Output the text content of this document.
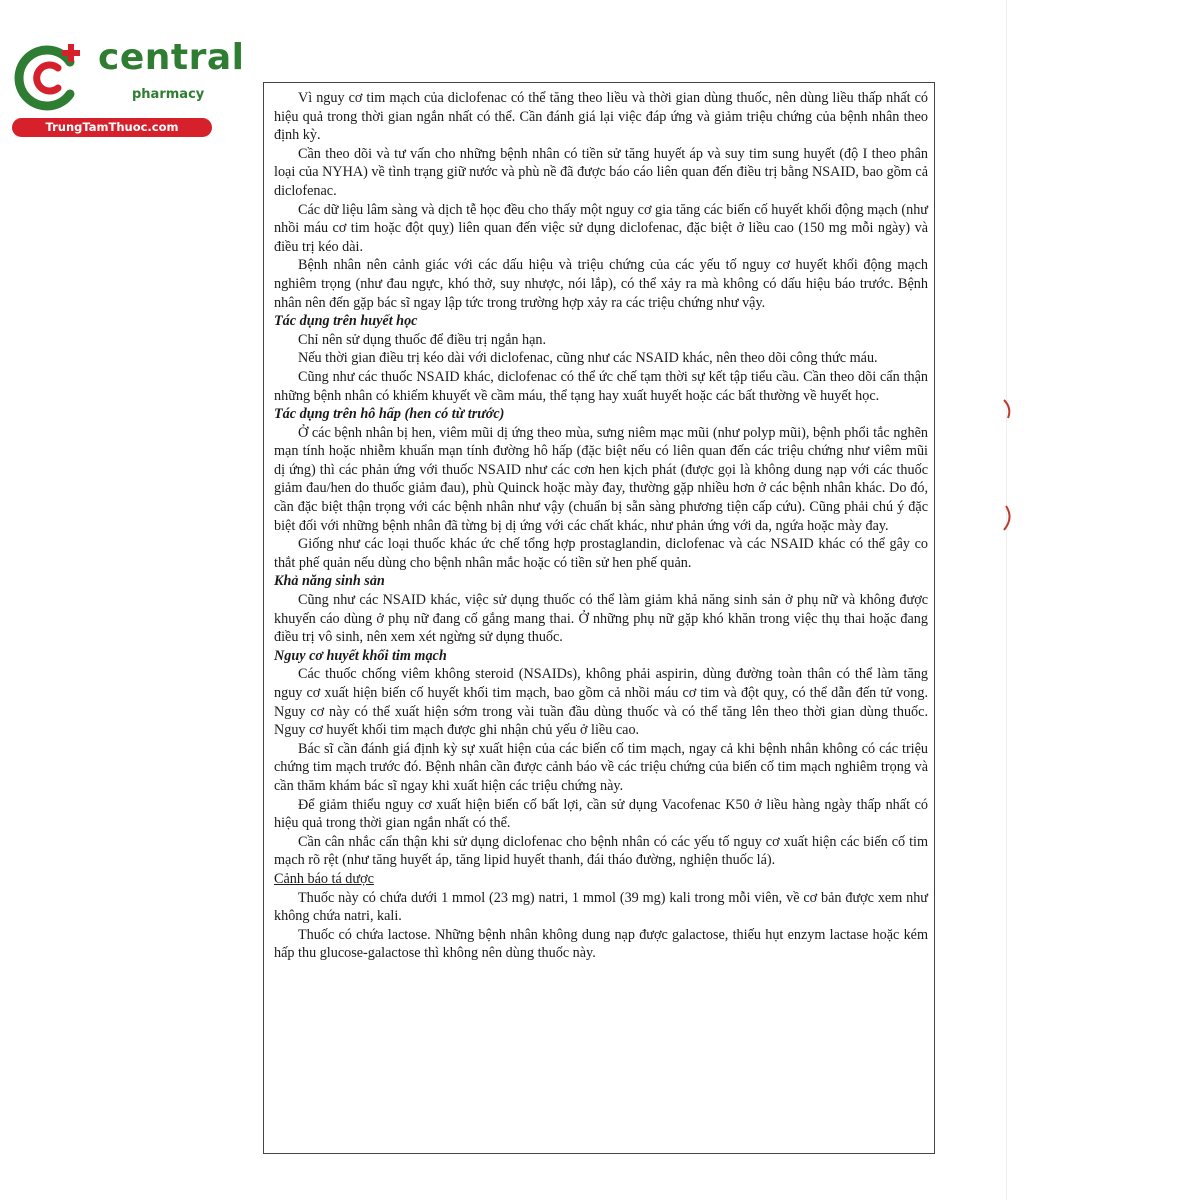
central
pharmacy
TrungTamThuoc.com

Vì nguy cơ tim mạch của diclofenac có thể tăng theo liều và thời gian dùng thuốc, nên dùng liều thấp nhất có hiệu quả trong thời gian ngắn nhất có thể. Cần đánh giá lại việc đáp ứng và giảm triệu chứng của bệnh nhân theo định kỳ.

Cần theo dõi và tư vấn cho những bệnh nhân có tiền sử tăng huyết áp và suy tim sung huyết (độ I theo phân loại của NYHA) về tình trạng giữ nước và phù nề đã được báo cáo liên quan đến điều trị bằng NSAID, bao gồm cả diclofenac.

Các dữ liệu lâm sàng và dịch tễ học đều cho thấy một nguy cơ gia tăng các biến cố huyết khối động mạch (như nhồi máu cơ tim hoặc đột quỵ) liên quan đến việc sử dụng diclofenac, đặc biệt ở liều cao (150 mg mỗi ngày) và điều trị kéo dài.

Bệnh nhân nên cảnh giác với các dấu hiệu và triệu chứng của các yếu tố nguy cơ huyết khối động mạch nghiêm trọng (như đau ngực, khó thở, suy nhược, nói lắp), có thể xảy ra mà không có dấu hiệu báo trước. Bệnh nhân nên đến gặp bác sĩ ngay lập tức trong trường hợp xảy ra các triệu chứng như vậy.

Tác dụng trên huyết học

Chỉ nên sử dụng thuốc để điều trị ngắn hạn.

Nếu thời gian điều trị kéo dài với diclofenac, cũng như các NSAID khác, nên theo dõi công thức máu.

Cũng như các thuốc NSAID khác, diclofenac có thể ức chế tạm thời sự kết tập tiểu cầu. Cần theo dõi cẩn thận những bệnh nhân có khiếm khuyết về cầm máu, thể tạng hay xuất huyết hoặc các bất thường về huyết học.

Tác dụng trên hô hấp (hen có từ trước)

Ở các bệnh nhân bị hen, viêm mũi dị ứng theo mùa, sưng niêm mạc mũi (như polyp mũi), bệnh phổi tắc nghẽn mạn tính hoặc nhiễm khuẩn mạn tính đường hô hấp (đặc biệt nếu có liên quan đến các triệu chứng như viêm mũi dị ứng) thì các phản ứng với thuốc NSAID như các cơn hen kịch phát (được gọi là không dung nạp với các thuốc giảm đau/hen do thuốc giảm đau), phù Quinck hoặc mày đay, thường gặp nhiều hơn ở các bệnh nhân khác. Do đó, cần đặc biệt thận trọng với các bệnh nhân như vậy (chuẩn bị sẵn sàng phương tiện cấp cứu). Cũng phải chú ý đặc biệt đối với những bệnh nhân đã từng bị dị ứng với các chất khác, như phản ứng với da, ngứa hoặc mày đay.

Giống như các loại thuốc khác ức chế tổng hợp prostaglandin, diclofenac và các NSAID khác có thể gây co thắt phế quản nếu dùng cho bệnh nhân mắc hoặc có tiền sử hen phế quản.

Khả năng sinh sản

Cũng như các NSAID khác, việc sử dụng thuốc có thể làm giảm khả năng sinh sản ở phụ nữ và không được khuyến cáo dùng ở phụ nữ đang cố gắng mang thai. Ở những phụ nữ gặp khó khăn trong việc thụ thai hoặc đang điều trị vô sinh, nên xem xét ngừng sử dụng thuốc.

Nguy cơ huyết khối tim mạch

Các thuốc chống viêm không steroid (NSAIDs), không phải aspirin, dùng đường toàn thân có thể làm tăng nguy cơ xuất hiện biến cố huyết khối tim mạch, bao gồm cả nhồi máu cơ tim và đột quỵ, có thể dẫn đến tử vong. Nguy cơ này có thể xuất hiện sớm trong vài tuần đầu dùng thuốc và có thể tăng lên theo thời gian dùng thuốc. Nguy cơ huyết khối tim mạch được ghi nhận chủ yếu ở liều cao.

Bác sĩ cần đánh giá định kỳ sự xuất hiện của các biến cố tim mạch, ngay cả khi bệnh nhân không có các triệu chứng tim mạch trước đó. Bệnh nhân cần được cảnh báo về các triệu chứng của biến cố tim mạch nghiêm trọng và cần thăm khám bác sĩ ngay khi xuất hiện các triệu chứng này.

Để giảm thiểu nguy cơ xuất hiện biến cố bất lợi, cần sử dụng Vacofenac K50 ở liều hàng ngày thấp nhất có hiệu quả trong thời gian ngắn nhất có thể.

Cần cân nhắc cẩn thận khi sử dụng diclofenac cho bệnh nhân có các yếu tố nguy cơ xuất hiện các biến cố tim mạch rõ rệt (như tăng huyết áp, tăng lipid huyết thanh, đái tháo đường, nghiện thuốc lá).

Cảnh báo tá dược

Thuốc này có chứa dưới 1 mmol (23 mg) natri, 1 mmol (39 mg) kali trong mỗi viên, về cơ bản được xem như không chứa natri, kali.

Thuốc có chứa lactose. Những bệnh nhân không dung nạp được galactose, thiếu hụt enzym lactase hoặc kém hấp thu glucose-galactose thì không nên dùng thuốc này.
